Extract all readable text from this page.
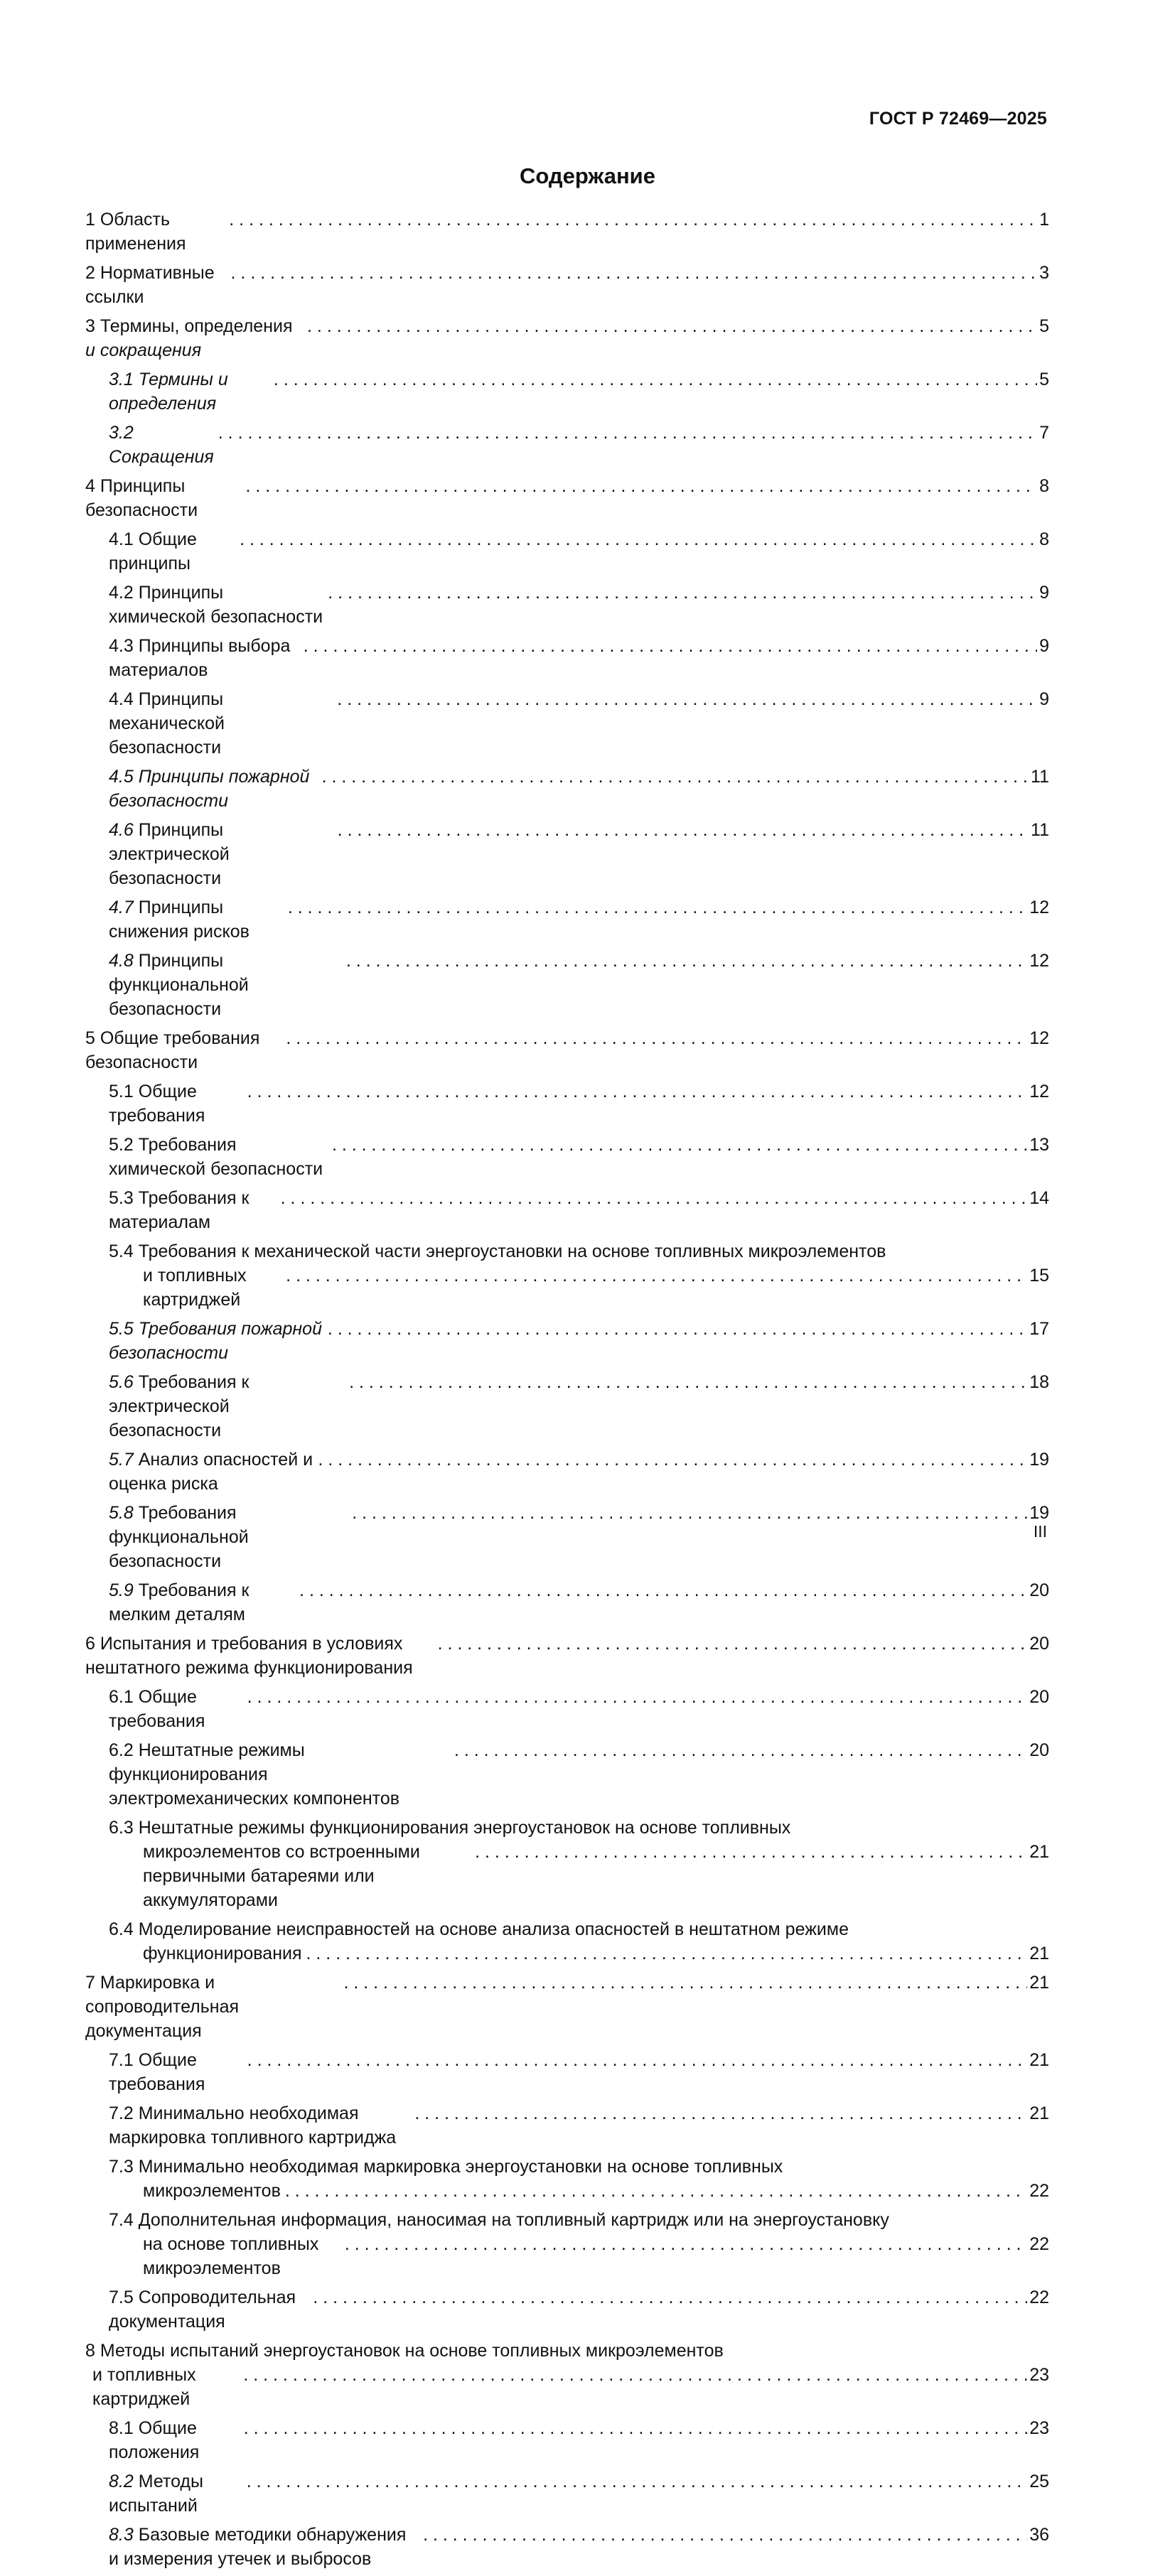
ГОСТ Р 72469—2025
Содержание
1 Область применения
. . .
1
2 Нормативные ссылки
. . .
3
3 Термины, определения и сокращения
. . .
5
3.1 Термины и определения
. . .
5
3.2 Сокращения
. . .
7
4 Принципы безопасности
. . .
8
4.1 Общие принципы
. . .
8
4.2 Принципы химической безопасности
. . .
9
4.3 Принципы выбора материалов
. . .
9
4.4 Принципы механической безопасности
. . .
9
4.5 Принципы пожарной безопасности
. . .
11
4.6 Принципы электрической безопасности
. . .
11
4.7 Принципы снижения рисков
. . .
12
4.8 Принципы функциональной безопасности
. . .
12
5 Общие требования безопасности
. . .
12
5.1 Общие требования
. . .
12
5.2 Требования химической безопасности
. . .
13
5.3 Требования к материалам
. . .
14
5.4 Требования к механической части энергоустановки на основе топливных микроэлементов
и топливных картриджей
. . .
15
5.5 Требования пожарной безопасности
. . .
17
5.6 Требования к электрической безопасности
. . .
18
5.7 Анализ опасностей и оценка риска
. . .
19
5.8 Требования функциональной безопасности
. . .
19
5.9 Требования к мелким деталям
. . .
20
6 Испытания и требования в условиях нештатного режима функционирования
. . .
20
6.1 Общие требования
. . .
20
6.2 Нештатные режимы функционирования электромеханических компонентов
. . .
20
6.3 Нештатные режимы функционирования энергоустановок на основе топливных
микроэлементов со встроенными первичными батареями или аккумуляторами
. . .
21
6.4 Моделирование неисправностей на основе анализа опасностей в нештатном режиме
функционирования . . .	21
7 Маркировка и сопроводительная документация
. . .
21
7.1 Общие требования
. . .
21
7.2 Минимально необходимая маркировка топливного картриджа
. . .
21
7.3 Минимально необходимая маркировка энергоустановки на основе топливных
микроэлементов . . .	22
7.4 Дополнительная информация, наносимая на топливный картридж или на энергоустановку
на основе топливных микроэлементов
. . .
22
7.5 Сопроводительная документация
. . .
22
8 Методы испытаний энергоустановок на основе топливных микроэлементов
и топливных картриджей
. . .
23
8.1 Общие положения
. . .
23
8.2 Методы испытаний
. . .
25
8.3 Базовые методики обнаружения и измерения утечек и выбросов
. . .
36
III
